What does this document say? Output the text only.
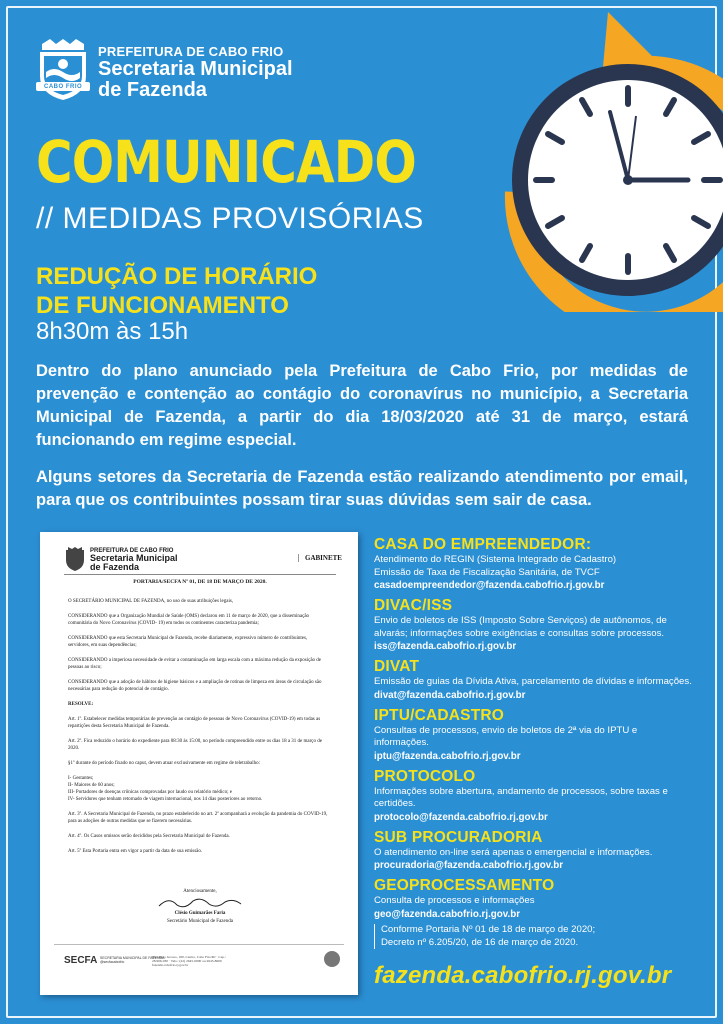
CABO FRIO
PREFEITURA DE CABO FRIO
Secretaria Municipal
de Fazenda
COMUNICADO
// MEDIDAS PROVISÓRIAS
REDUÇÃO DE HORÁRIO
DE FUNCIONAMENTO
8h30m às 15h
Dentro do plano anunciado pela Prefeitura de Cabo Frio, por medidas de prevenção e contenção ao contágio do coronavírus no município, a Secretaria Municipal de Fazenda, a partir do dia 18/03/2020 até 31 de março, estará funcionando em regime especial.
Alguns setores da Secretaria de Fazenda estão realizando atendimento por email, para que os contribuintes possam tirar suas dúvidas sem sair de casa.
PREFEITURA DE CABO FRIO
Secretaria Municipal
de Fazenda
GABINETE
PORTARIA/SECFA Nº 01, DE 18 DE MARÇO DE 2020.

O SECRETÁRIO MUNICIPAL DE FAZENDA, no uso de suas atribuições legais,

CONSIDERANDO que a Organização Mundial de Saúde (OMS) declarou em 11 de março de 2020, que a disseminação comunitária do Novo Coronavírus (COVID- 19) em todos os continentes caracteriza pandemia;

CONSIDERANDO que esta Secretaria Municipal de Fazenda, recebe diariamente, expressivo número de contribuintes, servidores, em suas dependências;

CONSIDERANDO a imperiosa necessidade de evitar a contaminação em larga escala com a máxima redução da exposição de pessoas ao risco;

CONSIDERANDO que a adoção de hábitos de higiene básicos e a ampliação de rotinas de limpeza em áreas de circulação são necessárias para redução do potencial de contágio.

RESOLVE:

Art. 1º. Estabelecer medidas temporárias de prevenção ao contágio de pessoas de Novo Coronavírus (COVID-19) em todas as repartições desta Secretaria Municipal de Fazenda.

Art. 2º. Fica reduzido o horário do expediente para 08:30 às 15:00, no período compreendido entre os dias 18 a 31 de março de 2020.

§1º durante do período fixado no caput, devem atuar exclusivamente em regime de teletrabalho:

I- Gestantes;
II- Maiores de 60 anos;
III- Portadores de doenças crônicas comprovadas por laudo ou relatório médico; e
IV- Servidores que tenham retornado de viagem internacional, nos 14 dias posteriores ao retorno.

Art. 3º. A Secretaria Municipal de Fazenda, no prazo estabelecido no art. 2º acompanhará a evolução da pandemia do COVID-19, para as adoções de outras medidas que se fizerem necessárias.

Art. 4º. Os Casos omissos serão decididos pela Secretaria Municipal de Fazenda.

Art. 5º Esta Portaria entra em vigor a partir da data de sua emissão.

Atenciosamente,
Clésio Guimarães Faria
Secretário Municipal de Fazenda
SECFA SECRETARIA MUNICIPAL DE FAZENDA
@secfacabofrio
Rua Mato Grosso, 180, Centro, Cabo Frio/RJ · Cep.: 28.906-030 · Tels.: (22) 2645-0000 ou 2645-8600
fazenda.cabofrio.rj.gov.br
CASA DO EMPREENDEDOR:
Atendimento do REGIN (Sistema Integrado de Cadastro)
Emissão de Taxa de Fiscalização Sanitária, de TVCF
casadoempreendedor@fazenda.cabofrio.rj.gov.br
DIVAC/ISS
Envio de boletos de ISS (Imposto Sobre Serviços) de autônomos, de alvarás; informações sobre exigências e consultas sobre processos.
iss@fazenda.cabofrio.rj.gov.br
DIVAT
Emissão de guias da Dívida Ativa, parcelamento de dívidas e informações.
divat@fazenda.cabofrio.rj.gov.br
IPTU/CADASTRO
Consultas de processos, envio de boletos de 2ª via do IPTU e informações.
iptu@fazenda.cabofrio.rj.gov.br
PROTOCOLO
Informações sobre abertura, andamento de processos, sobre taxas e certidões.
protocolo@fazenda.cabofrio.rj.gov.br
SUB PROCURADORIA
O atendimento on-line será apenas o emergencial e informações.
procuradoria@fazenda.cabofrio.rj.gov.br
GEOPROCESSAMENTO
Consulta de processos e informações
geo@fazenda.cabofrio.rj.gov.br
Conforme Portaria Nº 01 de 18 de março de 2020;
Decreto nº 6.205/20, de 16 de março de 2020.
fazenda.cabofrio.rj.gov.br
